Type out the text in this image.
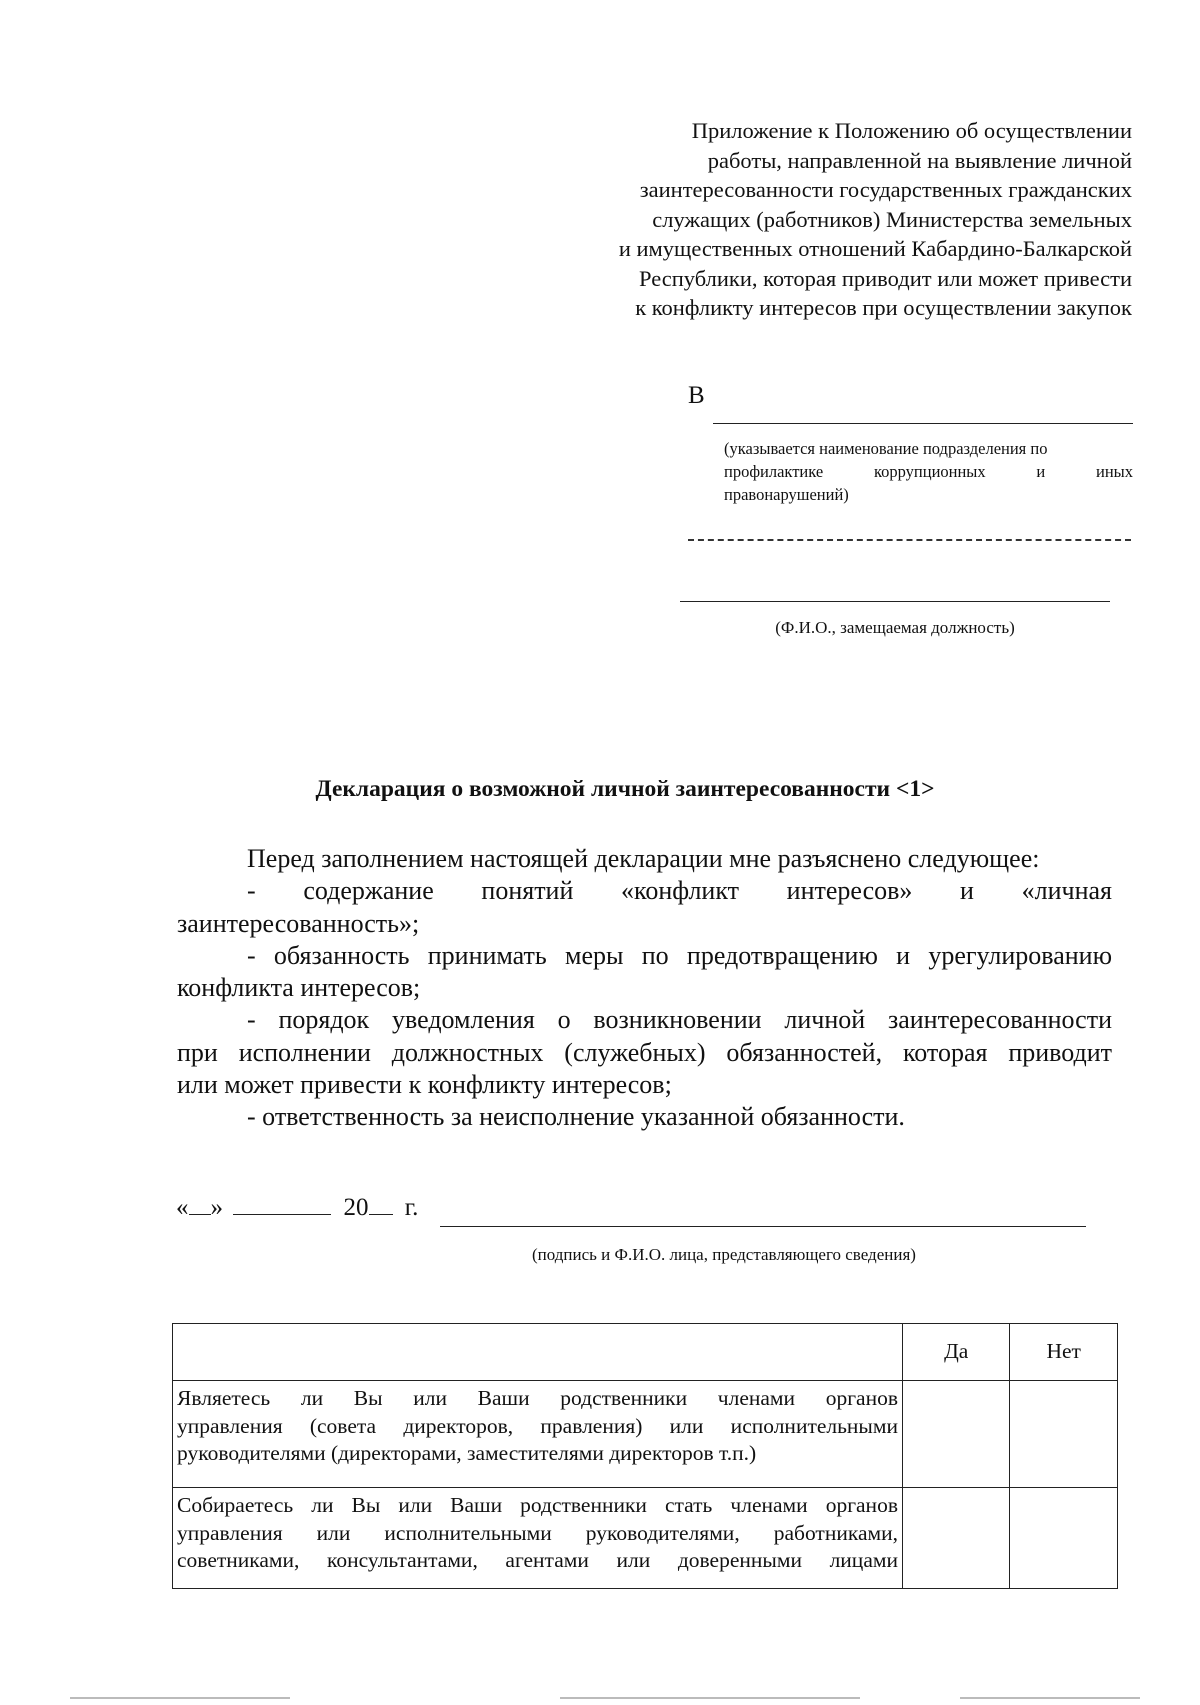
Приложение к Положению об осуществлении
работы, направленной на выявление личной
заинтересованности государственных гражданских
служащих (работников) Министерства земельных
и имущественных отношений Кабардино-Балкарской
Республики, которая приводит или может привести
к конфликту интересов при осуществлении закупок
В
(указывается наименование подразделения по
профилактике коррупционных и иных
правонарушений)
(Ф.И.О., замещаемая должность)
Декларация о возможной личной заинтересованности <1>
Перед заполнением настоящей декларации мне разъяснено следующее:
- содержание понятий «конфликт интересов» и «личная
заинтересованность»;
- обязанность принимать меры по предотвращению и урегулированию
конфликта интересов;
- порядок уведомления о возникновении личной заинтересованности
при исполнении должностных (служебных) обязанностей, которая приводит
или может привести к конфликту интересов;
- ответственность за неисполнение указанной обязанности.
« »	20 г.
(подпись и Ф.И.О. лица, представляющего сведения)
	Да	Нет

Являетесь ли Вы или Ваши родственники членами органов
управления (совета директоров, правления) или исполнительными
руководителями (директорами, заместителями директоров т.п.)		

Собираетесь ли Вы или Ваши родственники стать членами органов
управления или исполнительными руководителями, работниками,
советниками, консультантами, агентами или доверенными лицами		
